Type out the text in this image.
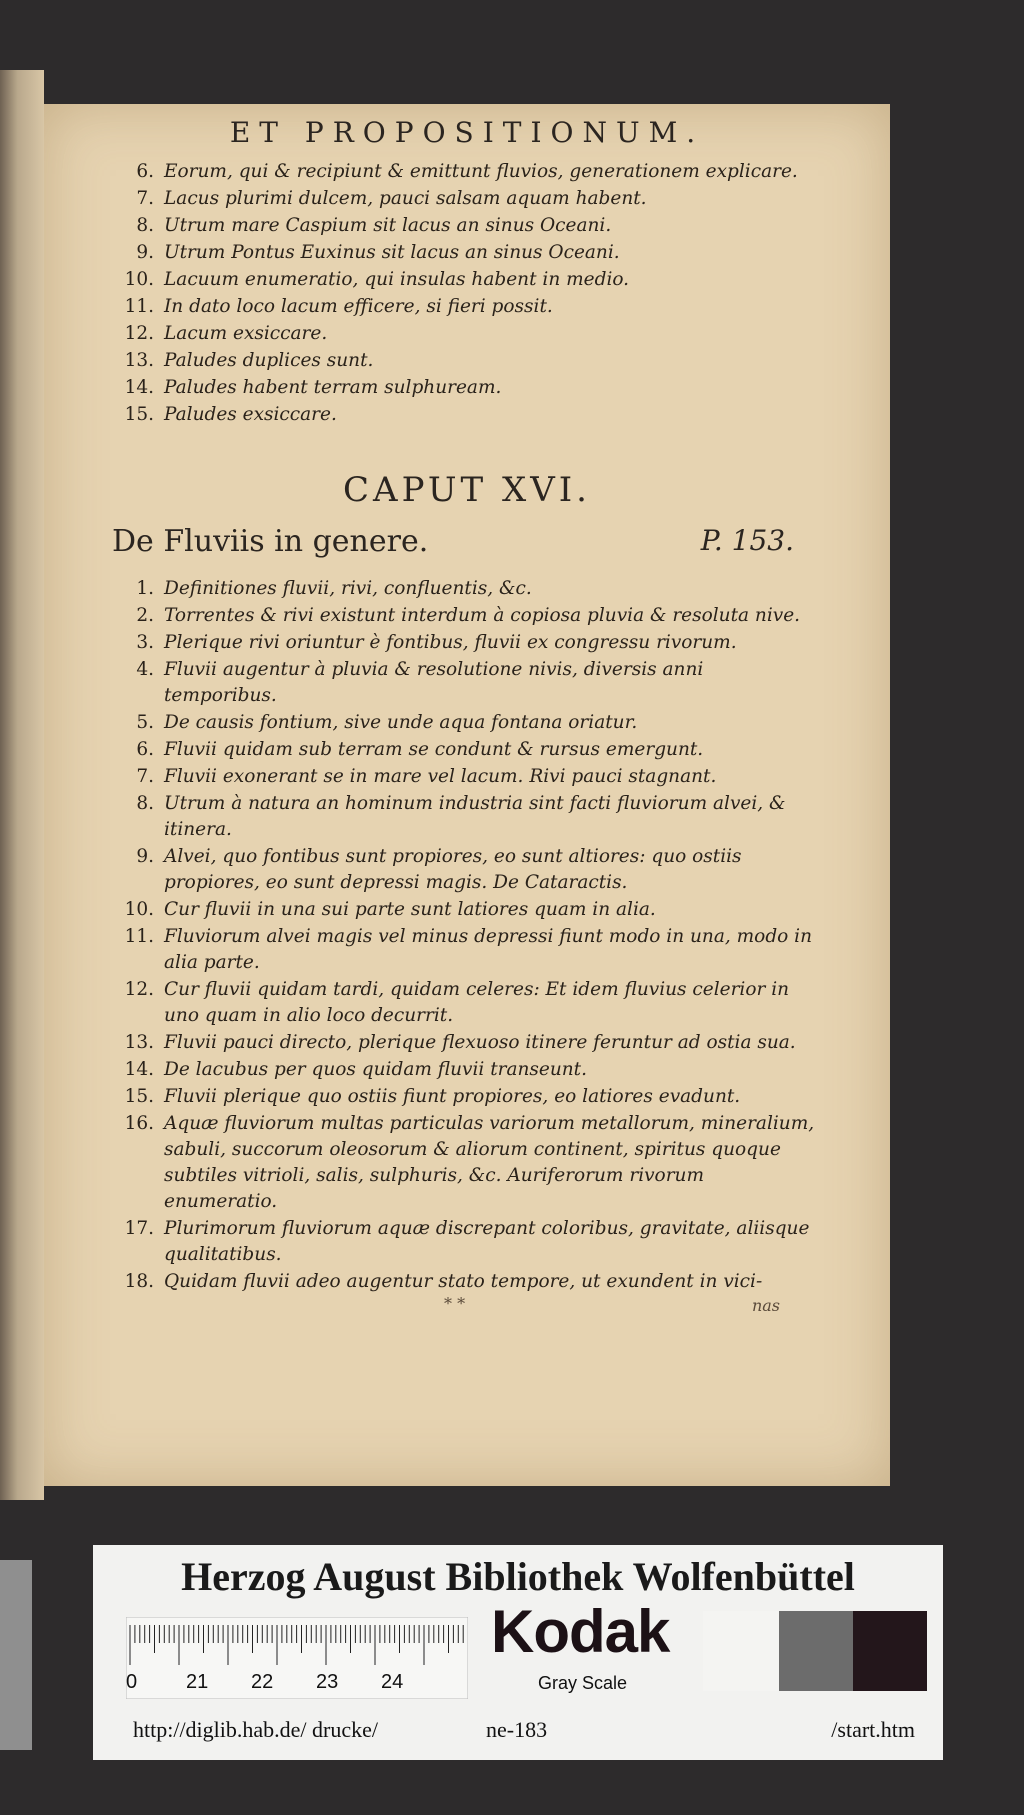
ET PROPOSITIONUM.
6. Eorum, qui & recipiunt & emittunt fluvios, generationem explicare.
7. Lacus plurimi dulcem, pauci salsam aquam habent.
8. Utrum mare Caspium sit lacus an sinus Oceani.
9. Utrum Pontus Euxinus sit lacus an sinus Oceani.
10. Lacuum enumeratio, qui insulas habent in medio.
11. In dato loco lacum efficere, si fieri possit.
12. Lacum exsiccare.
13. Paludes duplices sunt.
14. Paludes habent terram sulphuream.
15. Paludes exsiccare.
CAPUT XVI.
De Fluviis in genere.	P. 153.
1. Definitiones fluvii, rivi, confluentis, &c.
2. Torrentes & rivi existunt interdum à copiosa pluvia & resoluta nive.
3. Plerique rivi oriuntur è fontibus, fluvii ex congressu rivorum.
4. Fluvii augentur à pluvia & resolutione nivis, diversis anni temporibus.
5. De causis fontium, sive unde aqua fontana oriatur.
6. Fluvii quidam sub terram se condunt & rursus emergunt.
7. Fluvii exonerant se in mare vel lacum. Rivi pauci stagnant.
8. Utrum à natura an hominum industria sint facti fluviorum alvei, & itinera.
9. Alvei, quo fontibus sunt propiores, eo sunt altiores: quo ostiis propiores, eo sunt depressi magis. De Cataractis.
10. Cur fluvii in una sui parte sunt latiores quam in alia.
11. Fluviorum alvei magis vel minus depressi fiunt modo in una, modo in alia parte.
12. Cur fluvii quidam tardi, quidam celeres: Et idem fluvius celerior in uno quam in alio loco decurrit.
13. Fluvii pauci directo, plerique flexuoso itinere feruntur ad ostia sua.
14. De lacubus per quos quidam fluvii transeunt.
15. Fluvii plerique quo ostiis fiunt propiores, eo latiores evadunt.
16. Aquæ fluviorum multas particulas variorum metallorum, mineralium, sabuli, succorum oleosorum & aliorum continent, spiritus quoque subtiles vitrioli, salis, sulphuris, &c. Auriferorum rivorum enumeratio.
17. Plurimorum fluviorum aquæ discrepant coloribus, gravitate, aliisque qualitatibus.
18. Quidam fluvii adeo augentur stato tempore, ut exundent in vici-
* *	nas
Herzog August Bibliothek Wolfenbüttel
0 21 22 23 24
Kodak
Gray Scale
http://diglib.hab.de/ drucke/	ne-183	/start.htm
